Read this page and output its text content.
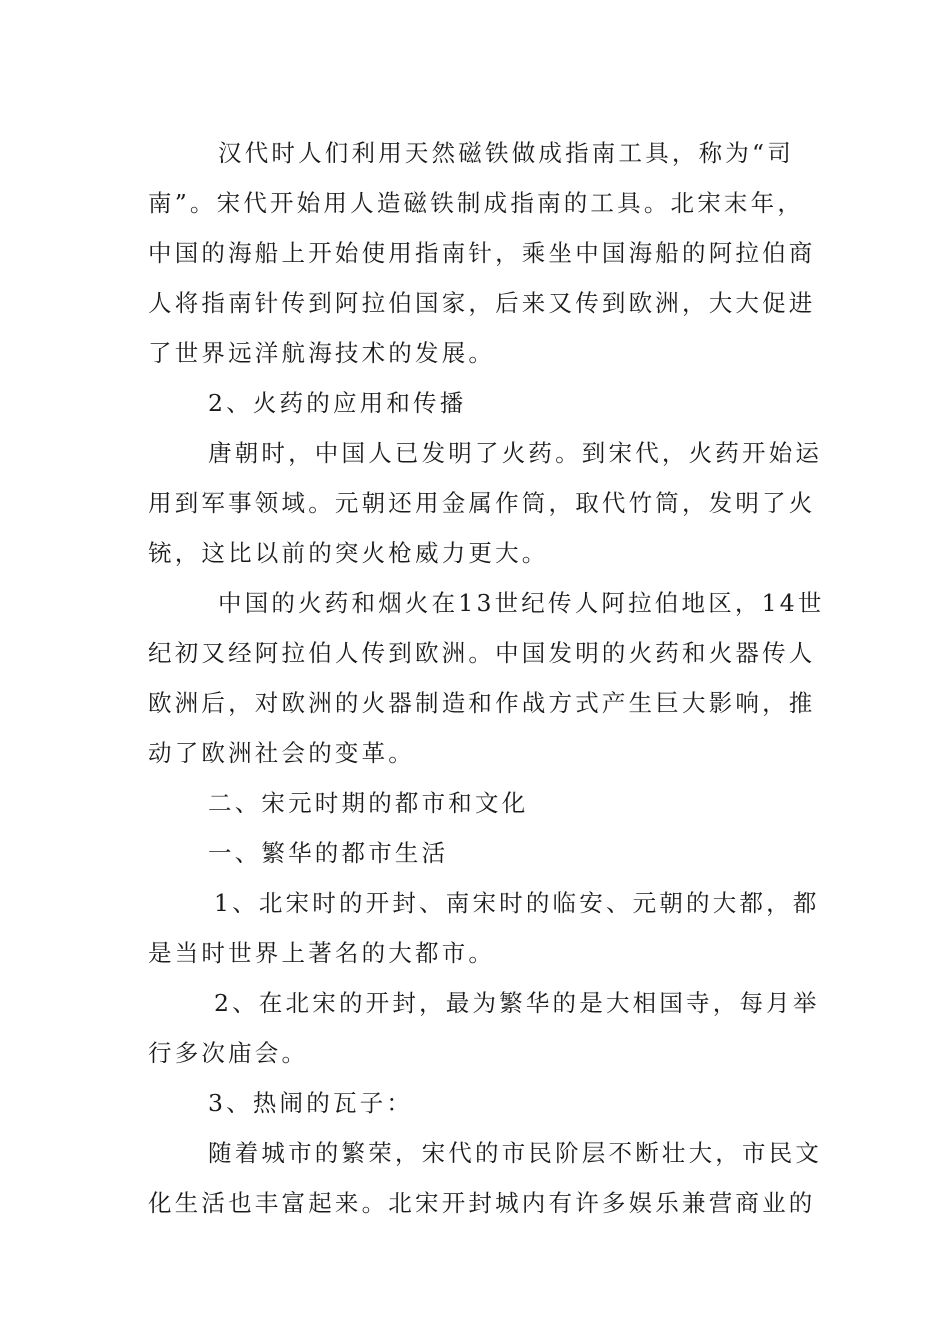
汉代时人们利用天然磁铁做成指南工具，称为“司
南”。宋代开始用人造磁铁制成指南的工具。北宋末年，
中国的海船上开始使用指南针，乘坐中国海船的阿拉伯商
人将指南针传到阿拉伯国家，后来又传到欧洲，大大促进
了世界远洋航海技术的发展。
2、火药的应用和传播
唐朝时，中国人已发明了火药。到宋代，火药开始运
用到军事领域。元朝还用金属作筒，取代竹筒，发明了火
铳，这比以前的突火枪威力更大。
中国的火药和烟火在13世纪传人阿拉伯地区，14世
纪初又经阿拉伯人传到欧洲。中国发明的火药和火器传人
欧洲后，对欧洲的火器制造和作战方式产生巨大影响，推
动了欧洲社会的变革。
二、宋元时期的都市和文化
一、繁华的都市生活
1、北宋时的开封、南宋时的临安、元朝的大都，都
是当时世界上著名的大都市。
2、在北宋的开封，最为繁华的是大相国寺，每月举
行多次庙会。
3、热闹的瓦子：
随着城市的繁荣，宋代的市民阶层不断壮大，市民文
化生活也丰富起来。北宋开封城内有许多娱乐兼营商业的
